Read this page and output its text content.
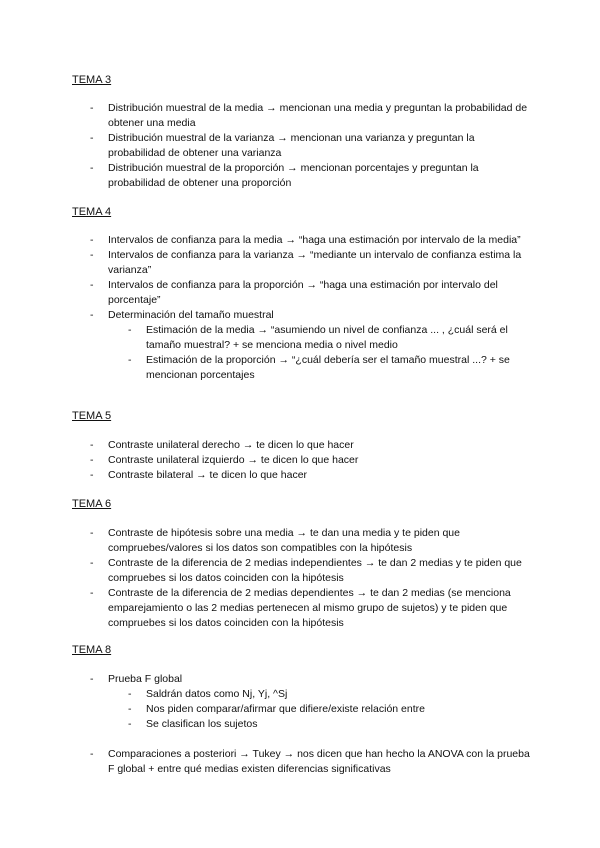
TEMA 3
- Distribución muestral de la media → mencionan una media y preguntan la probabilidad de obtener una media
- Distribución muestral de la varianza → mencionan una varianza y preguntan la probabilidad de obtener una varianza
- Distribución muestral de la proporción → mencionan porcentajes y preguntan la probabilidad de obtener una proporción
TEMA 4
- Intervalos de confianza para la media → “haga una estimación por intervalo de la media”
- Intervalos de confianza para la varianza → “mediante un intervalo de confianza estima la varianza”
- Intervalos de confianza para la proporción → “haga una estimación por intervalo del porcentaje”
- Determinación del tamaño muestral
- Estimación de la media → “asumiendo un nivel de confianza ... , ¿cuál será el tamaño muestral? + se menciona media o nivel medio
- Estimación de la proporción → “¿cuál debería ser el tamaño muestral ...? + se mencionan porcentajes
TEMA 5
- Contraste unilateral derecho → te dicen lo que hacer
- Contraste unilateral izquierdo → te dicen lo que hacer
- Contraste bilateral → te dicen lo que hacer
TEMA 6
- Contraste de hipótesis sobre una media → te dan una media y te piden que compruebes/valores si los datos son compatibles con la hipótesis
- Contraste de la diferencia de 2 medias independientes → te dan 2 medias y te piden que compruebes si los datos coinciden con la hipótesis
- Contraste de la diferencia de 2 medias dependientes → te dan 2 medias (se menciona emparejamiento o las 2 medias pertenecen al mismo grupo de sujetos) y te piden que compruebes si los datos coinciden con la hipótesis
TEMA 8
- Prueba F global
- Saldrán datos como Nj, Yj, ^Sj
- Nos piden comparar/afirmar que difiere/existe relación entre
- Se clasifican los sujetos
- Comparaciones a posteriori → Tukey → nos dicen que han hecho la ANOVA con la prueba F global + entre qué medias existen diferencias significativas
